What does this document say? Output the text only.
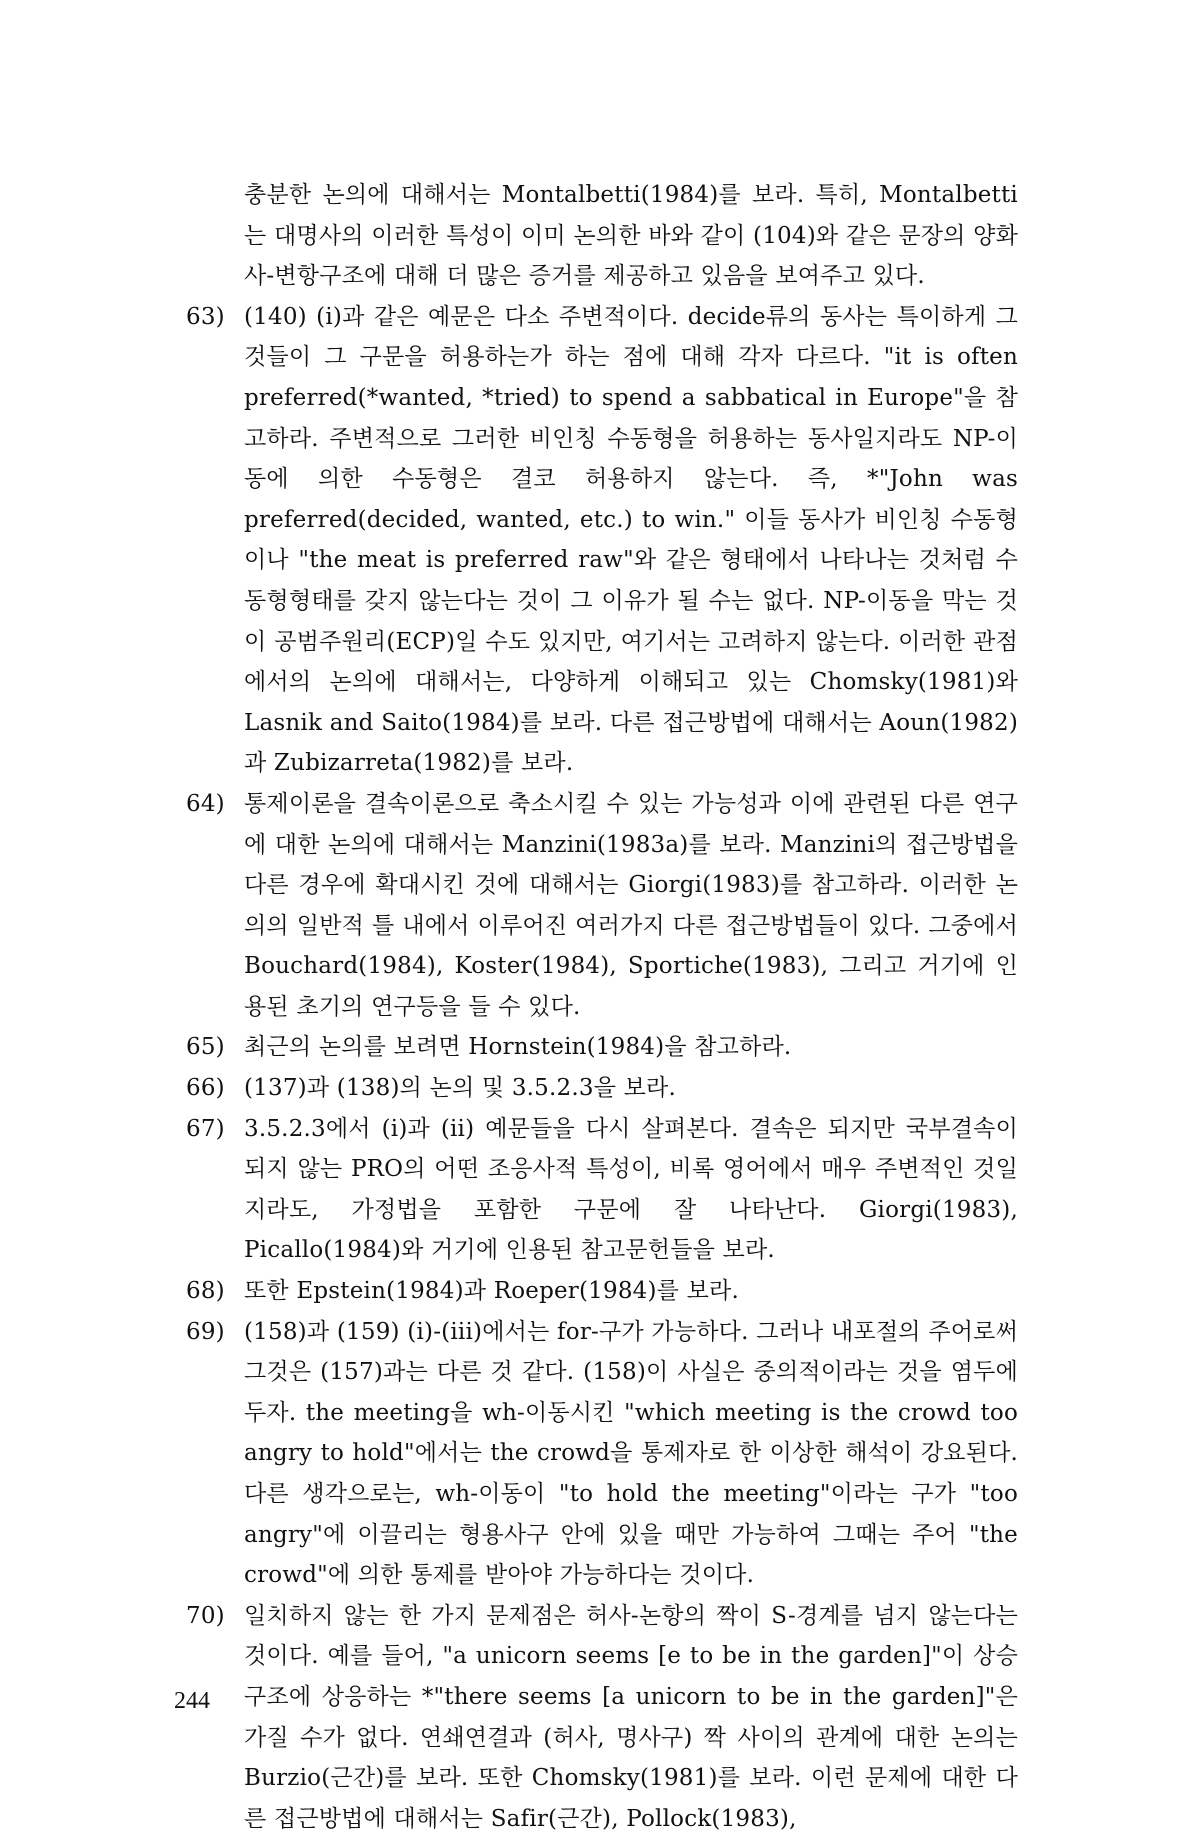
충분한 논의에 대해서는 Montalbetti(1984)를 보라. 특히, Montalbetti는 대명사의 이러한 특성이 이미 논의한 바와 같이 (104)와 같은 문장의 양화사-변항구조에 대해 더 많은 증거를 제공하고 있음을 보여주고 있다.

63) (140) (i)과 같은 예문은 다소 주변적이다. decide류의 동사는 특이하게 그것들이 그 구문을 허용하는가 하는 점에 대해 각자 다르다. "it is often preferred(*wanted, *tried) to spend a sabbatical in Europe"을 참고하라. 주변적으로 그러한 비인칭 수동형을 허용하는 동사일지라도 NP-이동에 의한 수동형은 결코 허용하지 않는다. 즉, *"John was preferred(decided, wanted, etc.) to win." 이들 동사가 비인칭 수동형이나 "the meat is preferred raw"와 같은 형태에서 나타나는 것처럼 수동형형태를 갖지 않는다는 것이 그 이유가 될 수는 없다. NP-이동을 막는 것이 공범주원리(ECP)일 수도 있지만, 여기서는 고려하지 않는다. 이러한 관점에서의 논의에 대해서는, 다양하게 이해되고 있는 Chomsky(1981)와 Lasnik and Saito(1984)를 보라. 다른 접근방법에 대해서는 Aoun(1982)과 Zubizarreta(1982)를 보라.
64) 통제이론을 결속이론으로 축소시킬 수 있는 가능성과 이에 관련된 다른 연구에 대한 논의에 대해서는 Manzini(1983a)를 보라. Manzini의 접근방법을 다른 경우에 확대시킨 것에 대해서는 Giorgi(1983)를 참고하라. 이러한 논의의 일반적 틀 내에서 이루어진 여러가지 다른 접근방법들이 있다. 그중에서 Bouchard(1984), Koster(1984), Sportiche(1983), 그리고 거기에 인용된 초기의 연구등을 들 수 있다.
65) 최근의 논의를 보려면 Hornstein(1984)을 참고하라.
66) (137)과 (138)의 논의 및 3.5.2.3을 보라.
67) 3.5.2.3에서 (i)과 (ii) 예문들을 다시 살펴본다. 결속은 되지만 국부결속이 되지 않는 PRO의 어떤 조응사적 특성이, 비록 영어에서 매우 주변적인 것일지라도, 가정법을 포함한 구문에 잘 나타난다. Giorgi(1983), Picallo(1984)와 거기에 인용된 참고문헌들을 보라.
68) 또한 Epstein(1984)과 Roeper(1984)를 보라.
69) (158)과 (159) (i)-(iii)에서는 for-구가 가능하다. 그러나 내포절의 주어로써 그것은 (157)과는 다른 것 같다. (158)이 사실은 중의적이라는 것을 염두에 두자. the meeting을 wh-이동시킨 "which meeting is the crowd too angry to hold"에서는 the crowd을 통제자로 한 이상한 해석이 강요된다. 다른 생각으로는, wh-이동이 "to hold the meeting"이라는 구가 "too angry"에 이끌리는 형용사구 안에 있을 때만 가능하여 그때는 주어 "the crowd"에 의한 통제를 받아야 가능하다는 것이다.
70) 일치하지 않는 한 가지 문제점은 허사-논항의 짝이 S-경계를 넘지 않는다는 것이다. 예를 들어, "a unicorn seems [e to be in the garden]"이 상승구조에 상응하는 *"there seems [a unicorn to be in the garden]"은 가질 수가 없다. 연쇄연결과 (허사, 명사구) 짝 사이의 관계에 대한 논의는 Burzio(근간)를 보라. 또한 Chomsky(1981)를 보라. 이런 문제에 대한 다른 접근방법에 대해서는 Safir(근간), Pollock(1983),
244
